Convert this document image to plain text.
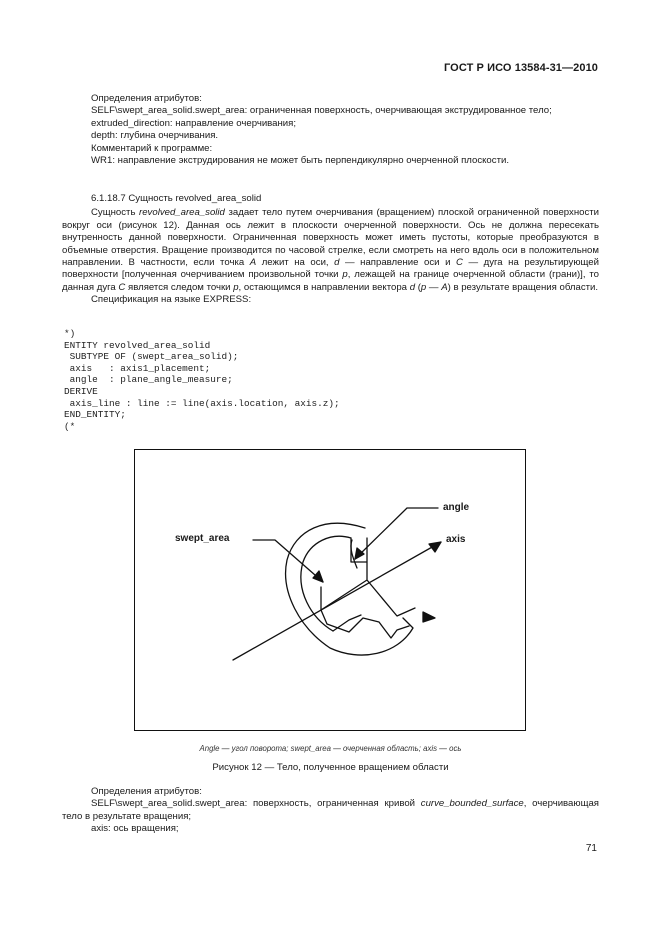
ГОСТ Р ИСО 13584-31—2010
Определения атрибутов:
SELF\swept_area_solid.swept_area: ограниченная поверхность, очерчивающая экструдированное тело;
extruded_direction: направление очерчивания;
depth: глубина очерчивания.
Комментарий к программе:
WR1: направление экструдирования не может быть перпендикулярно очерченной плоскости.
6.1.18.7 Сущность revolved_area_solid
Сущность revolved_area_solid задает тело путем очерчивания (вращением) плоской ограниченной поверхности вокруг оси (рисунок 12). Данная ось лежит в плоскости очерченной поверхности. Ось не должна пересекать внутренность данной поверхности. Ограниченная поверхность может иметь пустоты, которые преобразуются в объемные отверстия. Вращение производится по часовой стрелке, если смотреть на него вдоль оси в положительном направлении. В частности, если точка A лежит на оси, d — направление оси и C — дуга на результирующей поверхности [полученная очерчиванием произвольной точки p, лежащей на границе очерченной области (грани)], то данная дуга C является следом точки p, остающимся в направлении вектора d (p — A) в результате вращения области.
Спецификация на языке EXPRESS:
*)
ENTITY revolved_area_solid
SUBTYPE OF (swept_area_solid);
axis   : axis1_placement;
angle  : plane_angle_measure;
DERIVE
axis_line : line := line(axis.location, axis.z);
END_ENTITY;
(*
angle
swept_area	axis
Angle — угол поворота; swept_area — очерченная область; axis — ось
Рисунок 12 — Тело, полученное вращением области
Определения атрибутов:
SELF\swept_area_solid.swept_area: поверхность, ограниченная кривой curve_bounded_surface, очерчивающая тело в результате вращения;
axis: ось вращения;
71
